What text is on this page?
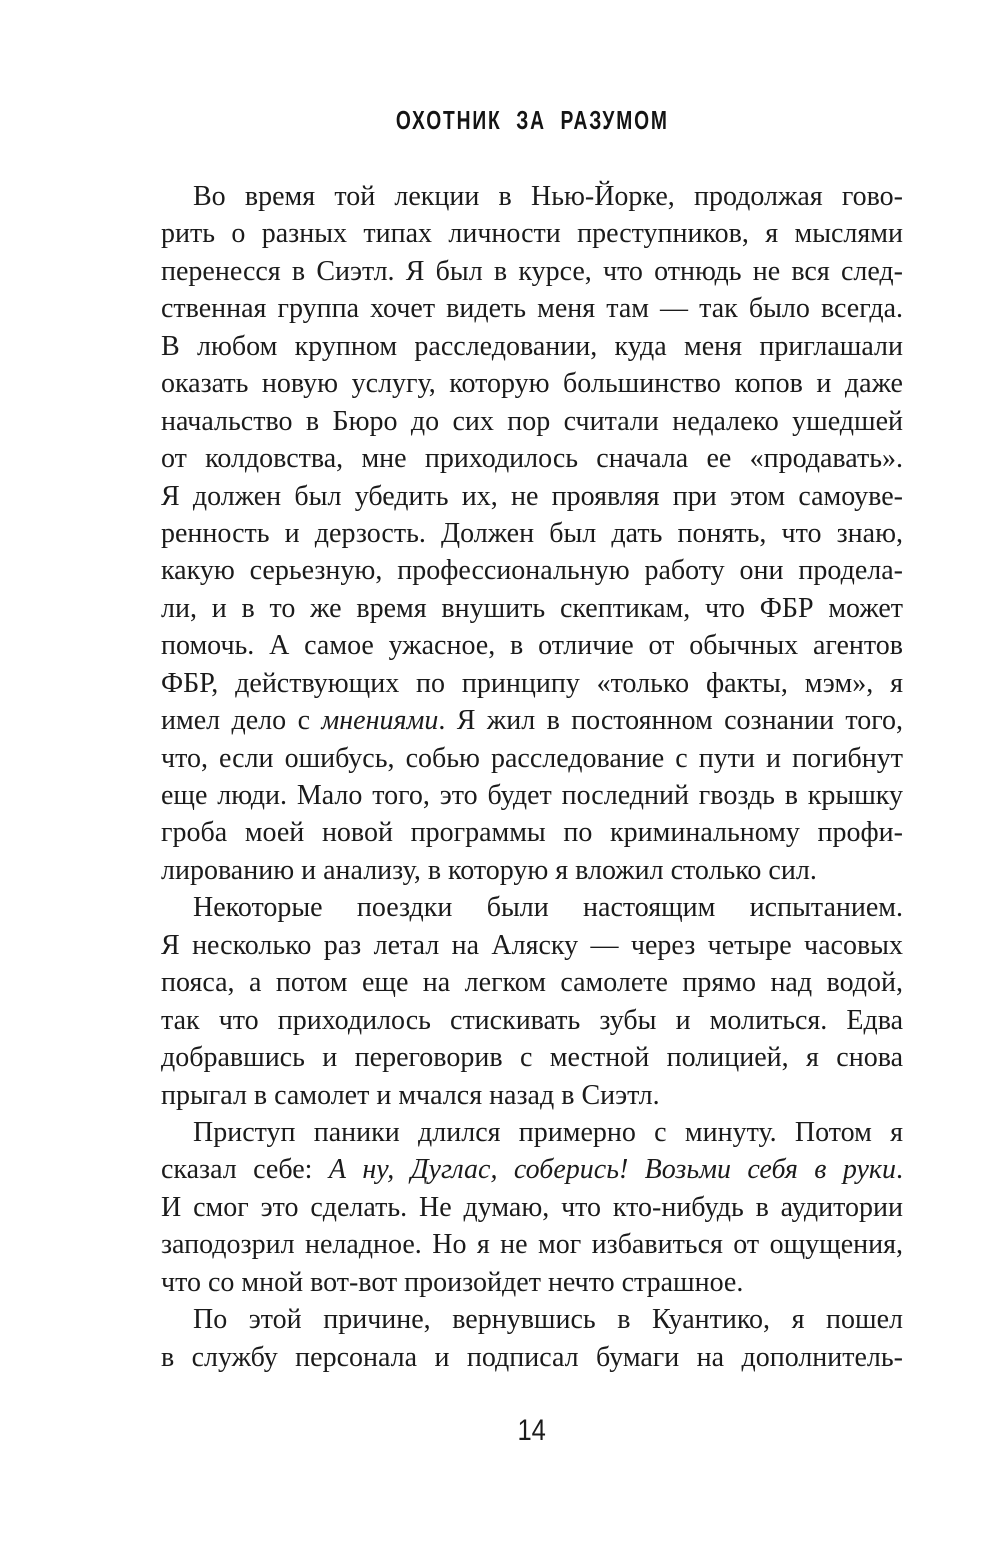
ОХОТНИК ЗА РАЗУМОМ
Во время той лекции в Нью-Йорке, продолжая гово-
рить о разных типах личности преступников, я мыслями
перенесся в Сиэтл. Я был в курсе, что отнюдь не вся след-
ственная группа хочет видеть меня там — так было всегда.
В любом крупном расследовании, куда меня приглашали
оказать новую услугу, которую большинство копов и даже
начальство в Бюро до сих пор считали недалеко ушедшей
от колдовства, мне приходилось сначала ее «продавать».
Я должен был убедить их, не проявляя при этом самоуве-
ренность и дерзость. Должен был дать понять, что знаю,
какую серьезную, профессиональную работу они продела-
ли, и в то же время внушить скептикам, что ФБР может
помочь. А самое ужасное, в отличие от обычных агентов
ФБР, действующих по принципу «только факты, мэм», я
имел дело с мнениями. Я жил в постоянном сознании того,
что, если ошибусь, собью расследование с пути и погибнут
еще люди. Мало того, это будет последний гвоздь в крышку
гроба моей новой программы по криминальному профи-
лированию и анализу, в которую я вложил столько сил.
Некоторые поездки были настоящим испытанием.
Я несколько раз летал на Аляску — через четыре часовых
пояса, а потом еще на легком самолете прямо над водой,
так что приходилось стискивать зубы и молиться. Едва
добравшись и переговорив с местной полицией, я снова
прыгал в самолет и мчался назад в Сиэтл.
Приступ паники длился примерно с минуту. Потом я
сказал себе: А ну, Дуглас, соберись! Возьми себя в руки.
И смог это сделать. Не думаю, что кто-нибудь в аудитории
заподозрил неладное. Но я не мог избавиться от ощущения,
что со мной вот-вот произойдет нечто страшное.
По этой причине, вернувшись в Куантико, я пошел
в службу персонала и подписал бумаги на дополнитель-
14
